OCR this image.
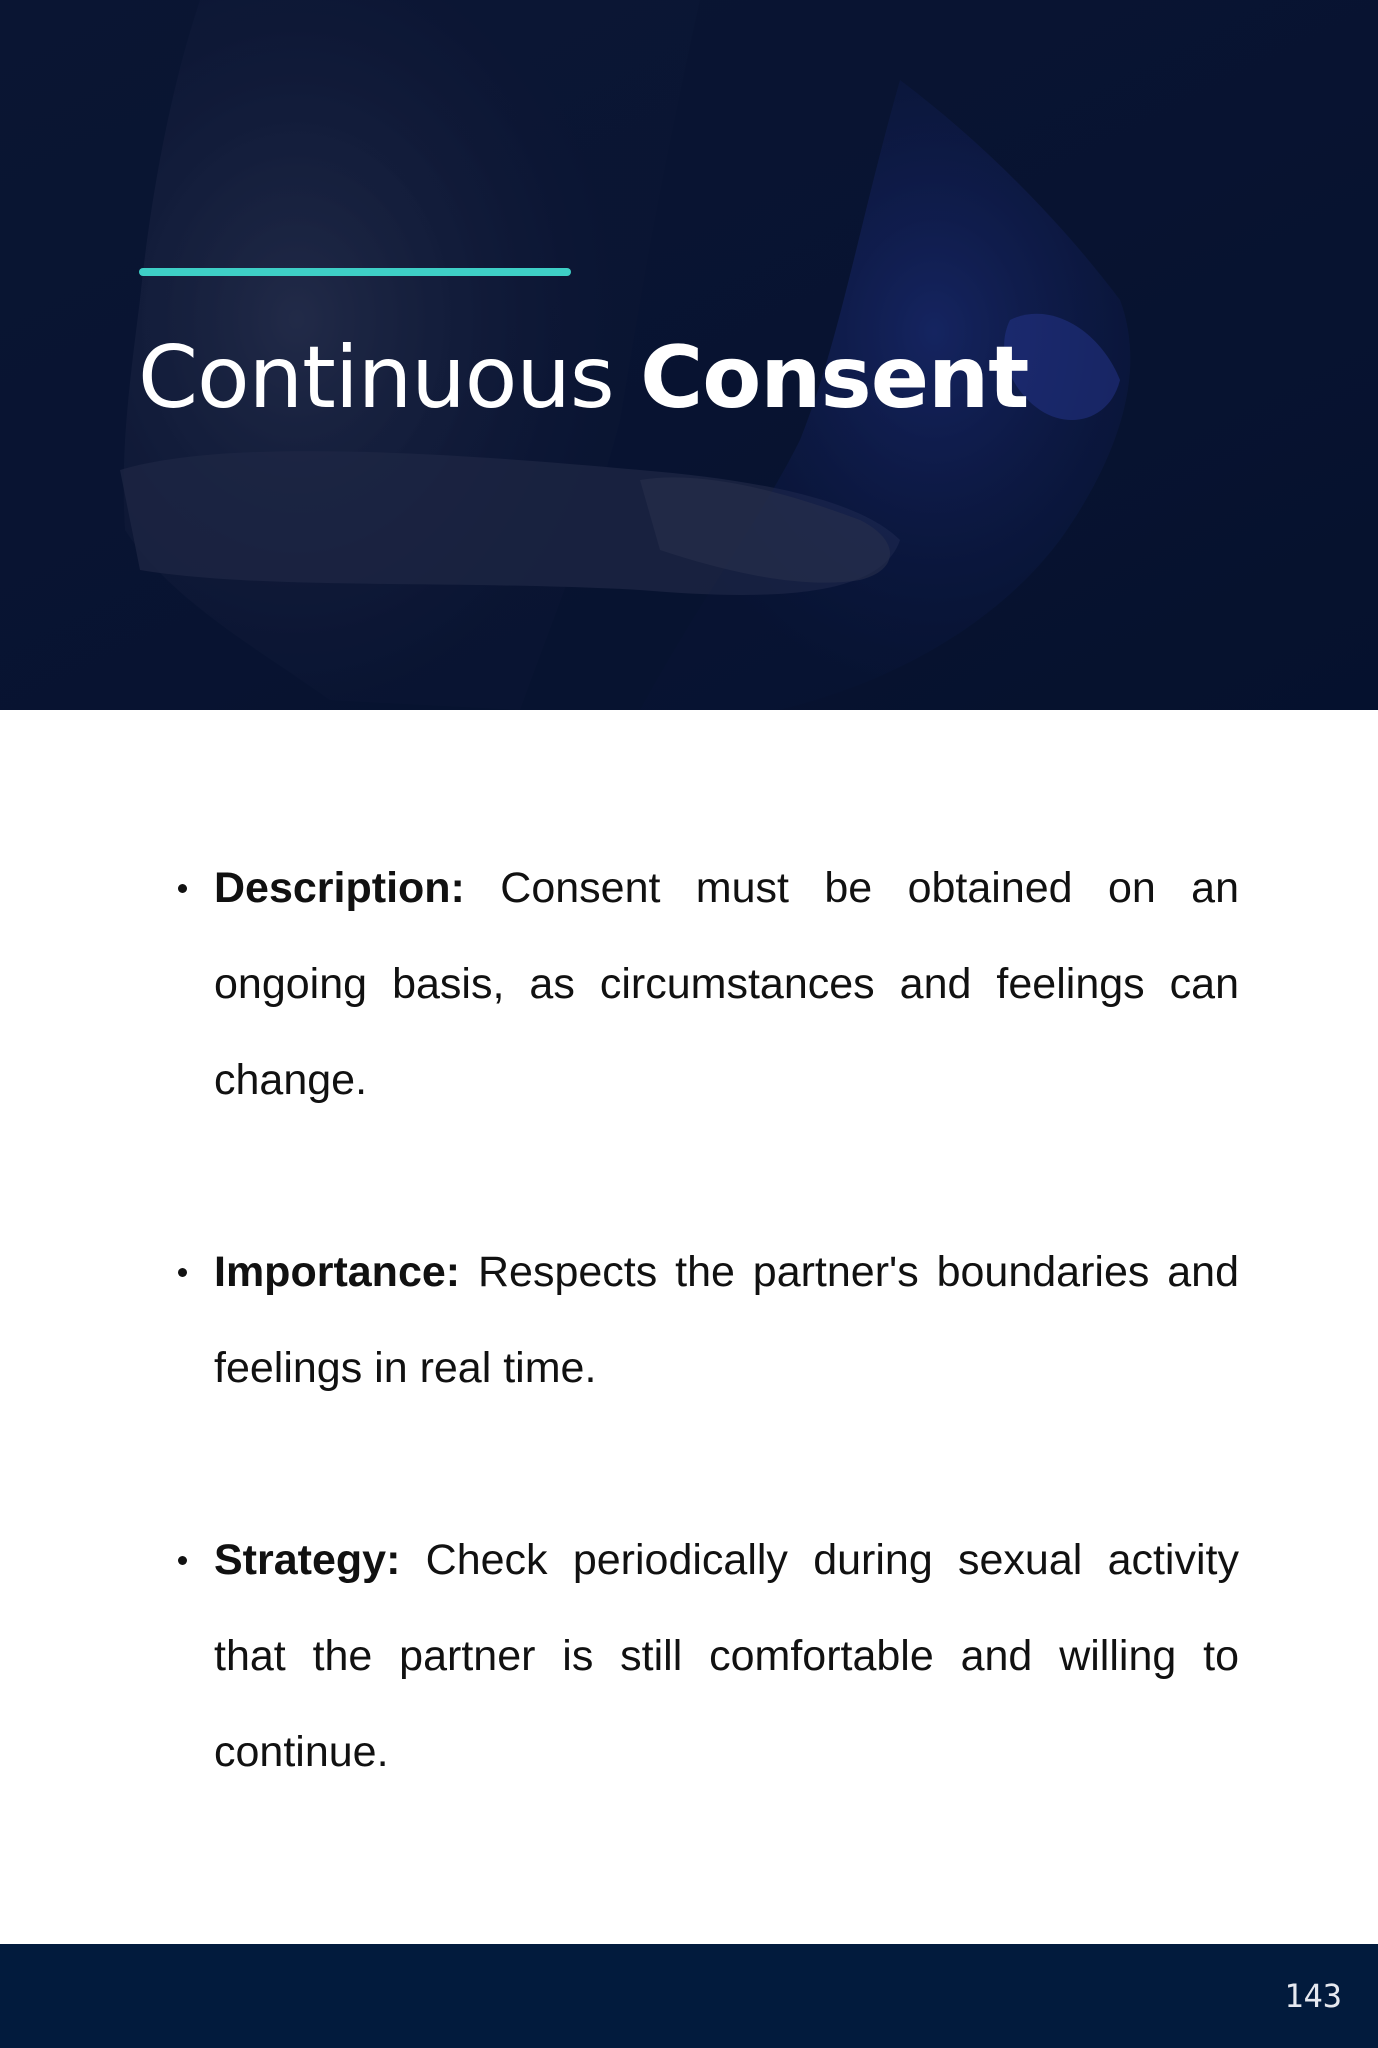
Continuous Consent
Description: Consent must be obtained on an ongoing basis, as circumstances and feelings can change.
Importance: Respects the partner's boundaries and feelings in real time.
Strategy: Check periodically during sexual activity that the partner is still comfortable and willing to continue.
143
